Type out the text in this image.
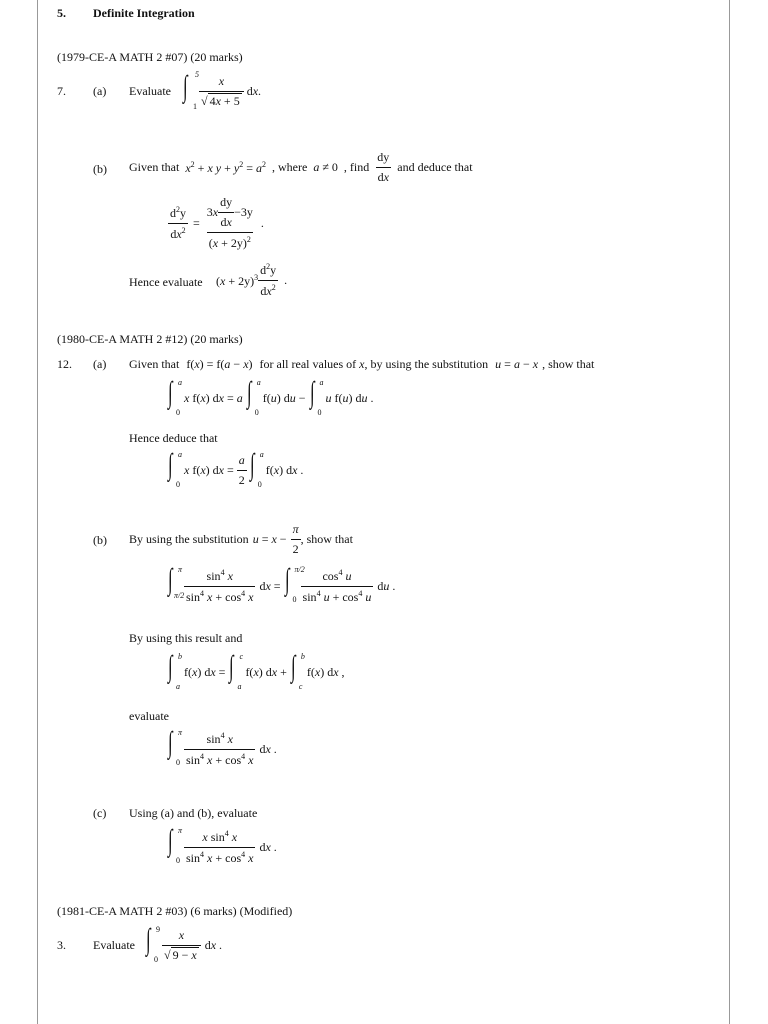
5. Definite Integration
(1979-CE-A MATH 2 #07) (20 marks)
7. (a) Evaluate ∫ 5
$1 \frac{x}{√ 4x + 5}$ dx.
(b) Given that $x^2 + x$ $y + y^2 = a^2$ , where a ≠ 0 , find $\frac{dy}{dx}$ and deduce that
$\frac{d^2y}{dx^2} = \frac{3 x \frac{dy}{dx} -3y}{(x + 2y)^2}$ .
Hence evaluate $(x + 2y)^3 \frac{d^2y}{dx^2}$ .
(1980-CE-A MATH 2 #12) (20 marks)
12. (a) Given that f(x) = f(a − x) for all real values of x, by using the substitution u = a − x , show that
∫ a
0
x f(x) dx = a ∫ a
0
f(u) du − ∫ a
0
u f(u) du .
Hence deduce that
∫ a
0
x f(x) dx = $\frac{a}{2}$ ∫ a
0
f(x) dx .
(b) By using the substitution $u = x - \frac{\pi}{2}$ , show that
∫ π
$\pi/2 \frac{\sin^4 x}{\sin^4 x + \cos^4 x}$ dx = ∫ π/2
$0 \frac{\cos^4 u}{\sin^4 u + \cos^4 u}$ du .
By using this result and
∫ b
a
f(x) dx = ∫ c
a
f(x) dx + ∫ b
c
f(x) dx ,
evaluate
∫ π
$0 \frac{\sin^4 x}{\sin^4 x + \cos^4 x}$ dx .
(c) Using (a) and (b), evaluate
∫ π
$0 \frac{x \sin^4 x}{\sin^4 x + \cos^4 x}$ dx .
(1981-CE-A MATH 2 #03) (6 marks) (Modified)
3. Evaluate ∫ 9
$0 \frac{x}{√ 9 - x}$ dx .
